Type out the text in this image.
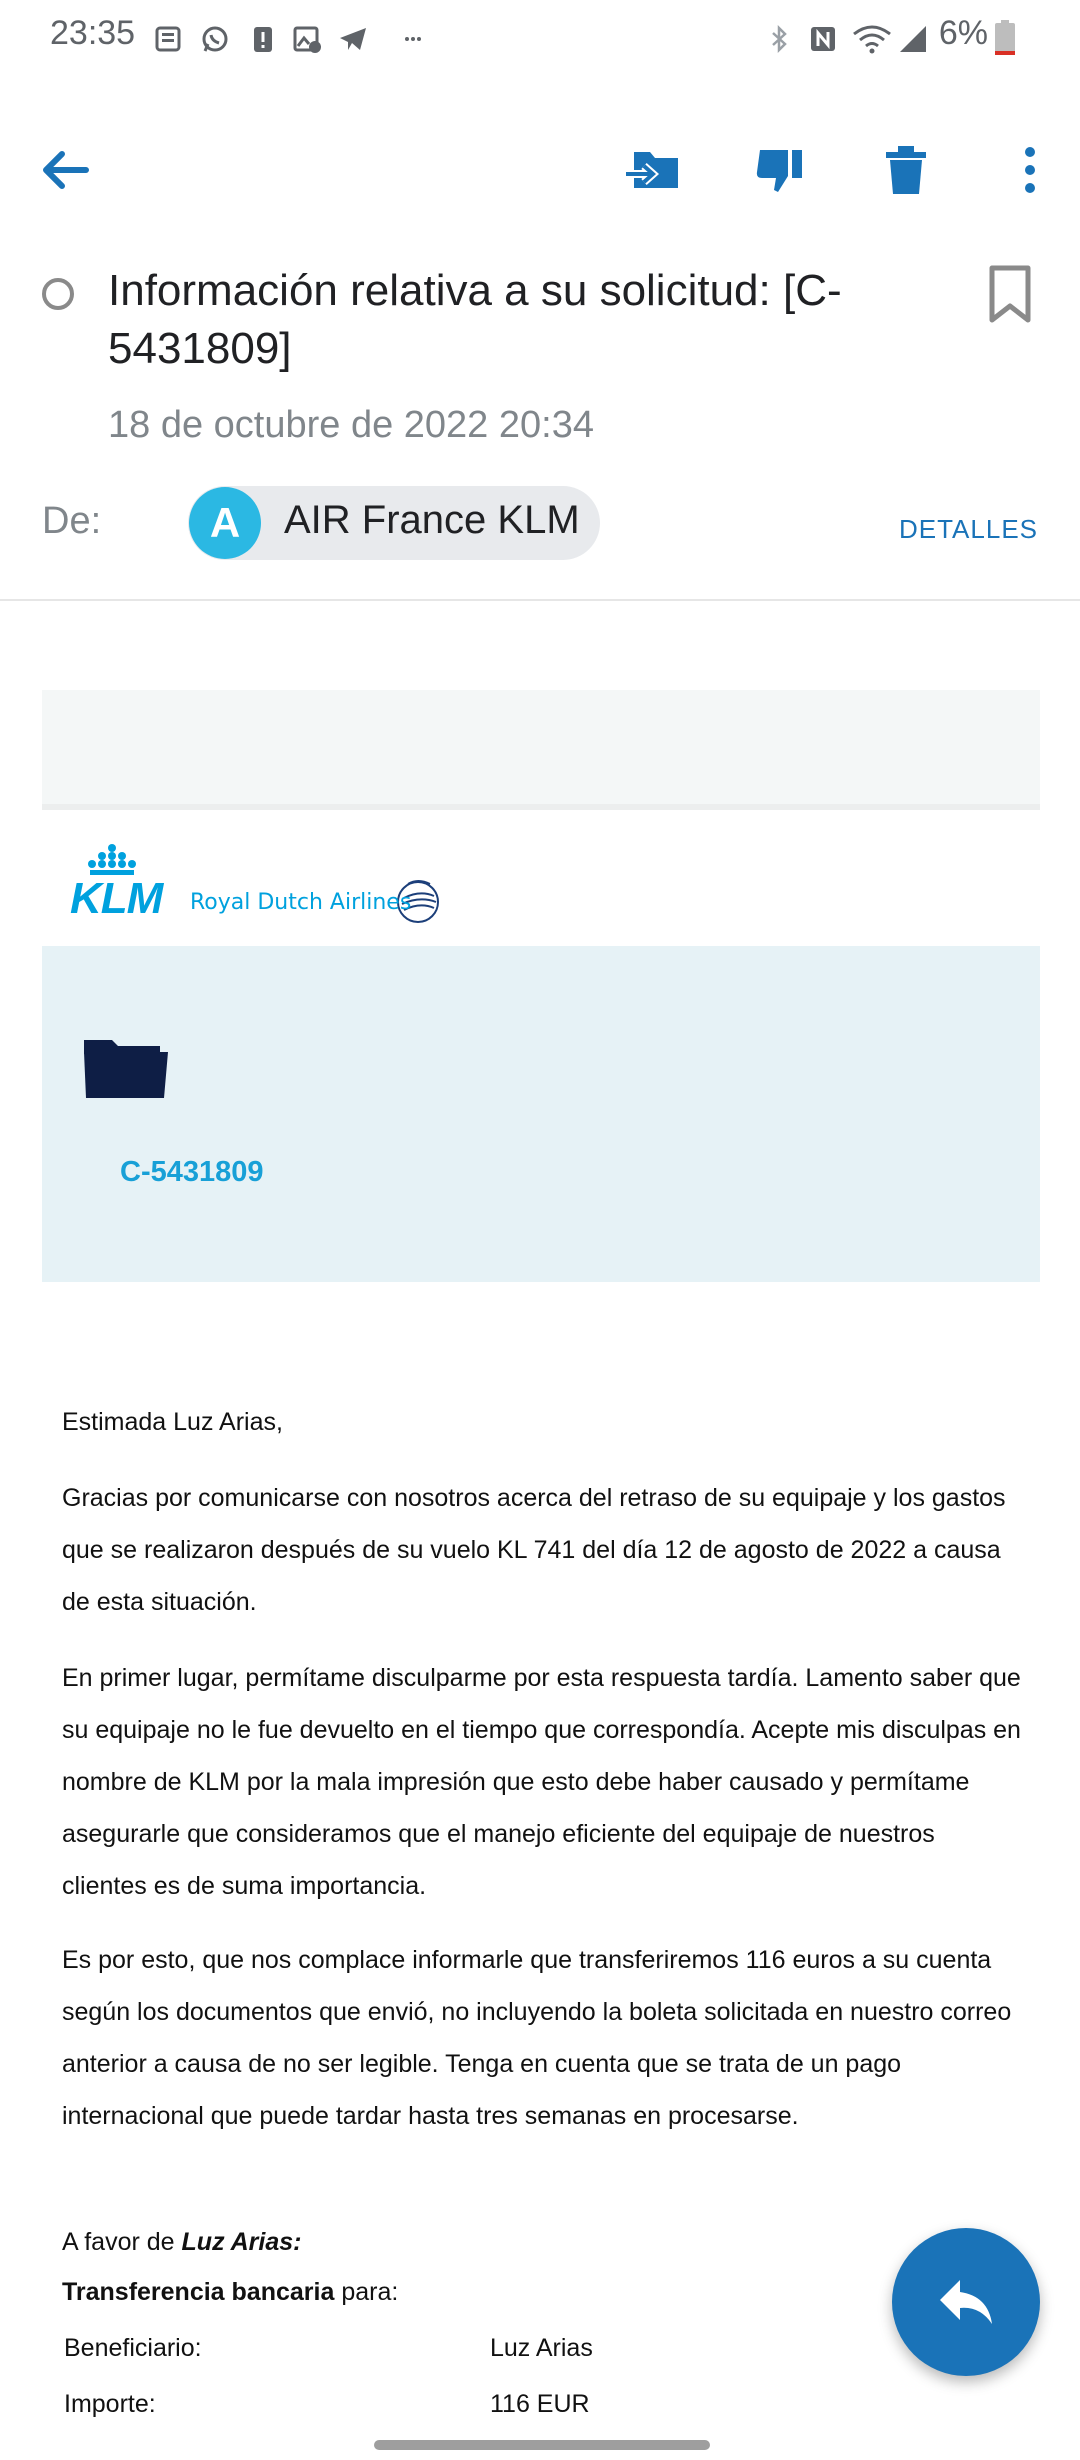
23:35	6%
Información relativa a su solicitud: [C-5431809]
18 de octubre de 2022 20:34
De:	A	AIR France KLM	DETALLES
KLM Royal Dutch Airlines
C-5431809
Estimada Luz Arias,
Gracias por comunicarse con nosotros acerca del retraso de su equipaje y los gastos que se realizaron después de su vuelo KL 741 del día 12 de agosto de 2022 a causa de esta situación.
En primer lugar, permítame disculparme por esta respuesta tardía. Lamento saber que su equipaje no le fue devuelto en el tiempo que correspondía. Acepte mis disculpas en nombre de KLM por la mala impresión que esto debe haber causado y permítame asegurarle que consideramos que el manejo eficiente del equipaje de nuestros clientes es de suma importancia.
Es por esto, que nos complace informarle que transferiremos 116 euros a su cuenta según los documentos que envió, no incluyendo la boleta solicitada en nuestro correo anterior a causa de no ser legible. Tenga en cuenta que se trata de un pago internacional que puede tardar hasta tres semanas en procesarse.
A favor de Luz Arias:
Transferencia bancaria para:
Beneficiario:	Luz Arias
Importe:	116 EUR
